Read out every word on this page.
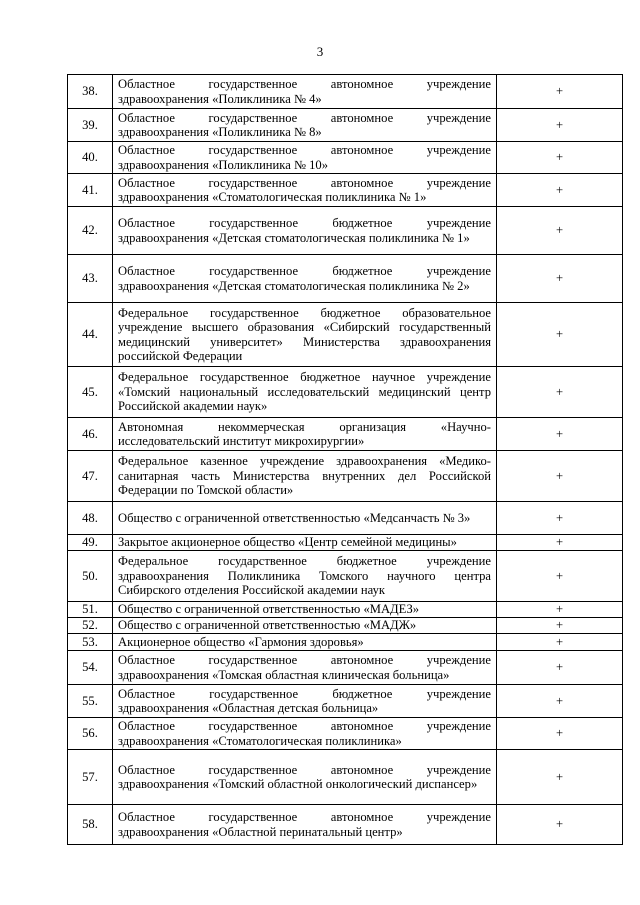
3
38.	Областное государственное автономное учреждение здравоохранения «Поликлиника № 4»	+
39.	Областное государственное автономное учреждение здравоохранения «Поликлиника № 8»	+
40.	Областное государственное автономное учреждение здравоохранения «Поликлиника № 10»	+
41.	Областное государственное автономное учреждение здравоохранения «Стоматологическая поликлиника № 1»	+
42.	Областное государственное бюджетное учреждение здравоохранения «Детская стоматологическая поликлиника № 1»	+
43.	Областное государственное бюджетное учреждение здравоохранения «Детская стоматологическая поликлиника № 2»	+
44.	Федеральное государственное бюджетное образовательное учреждение высшего образования «Сибирский государственный медицинский университет» Министерства здравоохранения российской Федерации	+
45.	Федеральное государственное бюджетное научное учреждение «Томский национальный исследовательский медицинский центр Российской академии наук»	+
46.	Автономная некоммерческая организация «Научно-исследовательский институт микрохирургии»	+
47.	Федеральное казенное учреждение здравоохранения «Медико-санитарная часть Министерства внутренних дел Российской Федерации по Томской области»	+
48.	Общество с ограниченной ответственностью «Медсанчасть № 3»	+
49.	Закрытое акционерное общество «Центр семейной медицины»	+
50.	Федеральное государственное бюджетное учреждение здравоохранения Поликлиника Томского научного центра Сибирского отделения Российской академии наук	+
51.	Общество с ограниченной ответственностью «МАДЕЗ»	+
52.	Общество с ограниченной ответственностью «МАДЖ»	+
53.	Акционерное общество «Гармония здоровья»	+
54.	Областное государственное автономное учреждение здравоохранения «Томская областная клиническая больница»	+
55.	Областное государственное бюджетное учреждение здравоохранения «Областная детская больница»	+
56.	Областное государственное автономное учреждение здравоохранения «Стоматологическая поликлиника»	+
57.	Областное государственное автономное учреждение здравоохранения «Томский областной онкологический диспансер»	+
58.	Областное государственное автономное учреждение здравоохранения «Областной перинатальный центр»	+
